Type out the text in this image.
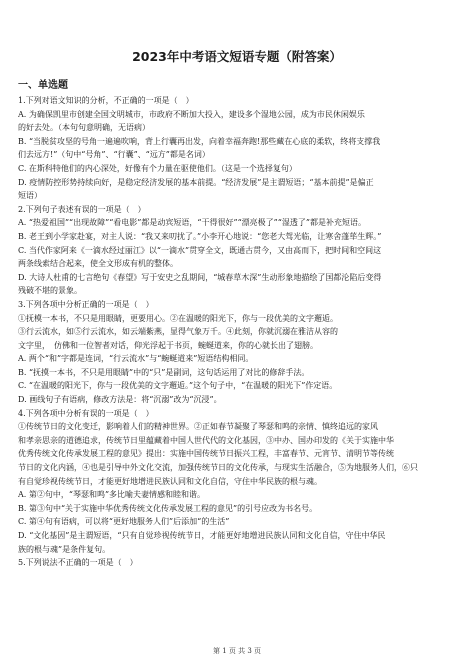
2023年中考语文短语专题（附答案）
一、单选题
1.下列对语文知识的分析，不正确的一项是（　）
A. 为确保凯里市创建全国文明城市，市政府不断加大投入，建设多个湿地公园，成为市民休闲娱乐
的好去处。（本句句意明确，无语病）
B. “当脱贫攻坚的号角一遍遍吹响，背上行囊再出发，向着幸福奔跑!那些藏在心底的柔软，终将支撑我
们去远方!”（句中“号角”、“行囊”、“远方”都是名词）
C. 在斯科特他们的内心深处，好像有个力量在驱使他们。（这是一个选择复句）
D. 疫情防控形势持续向好，是稳定经济发展的基本前提。“经济发展”是主谓短语；“基本前提”是偏正
短语）
2.下列句子表述有误的一项是（　）
A. “热爱祖国”“出现故障”“看电影”都是动宾短语，“干得很好”“漂亮极了”“湿透了”都是补充短语。
B. 老王到小学家赴宴，对主人说：“我又来叨扰了。”小李开心地说：“您老大驾光临，让寒舍蓬荜生辉。”
C. 当代作家阿来《一滴水经过丽江》以“一滴水”贯穿全文，既通古贯今，又由高而下，把时间和空间这
两条线索结合起来，使全文形成有机的整体。
D. 大诗人杜甫的七言绝句《春望》写于安史之乱期间，“城春草木深”生动形象地描绘了国都沦陷后变得
残破不堪的景象。
3.下列各项中分析正确的一项是（　）
①抚模一本书，不只是用眼睛，更要用心。②在温暖的阳光下，你与一段优美的文字邂逅。
③行云流水，如⑤行云流水，如云端紫燕，显得气象万千。④此刻，你就沉溺在雅洁从容的
文字里，　仿佛和一位智者对话，仰光浮起于书页，蜿蜒道来，你的心就长出了翅膀。
A. 两个“和”字都是连词，“行云流水”与“蜿蜒道来”短语结构相同。
B. “抚摸一本书，不只是用眼睛”中的“只”是副词，这句话运用了对比的修辞手法。
C. “在温暖的阳光下，你与一段优美的文字邂逅。”这个句子中，“在温暖的阳光下”作定语。
D. 画线句子有语病，修改方法是：将“沉溺”改为“沉浸”。
4.下列各项中分析有误的一项是（　）
①传统节日的文化变迁，影响着人们的精神世界。②正如春节凝聚了琴瑟和鸣的亲情、慎终追远的家风
和孝亲思亲的道德追求，传统节日里蕴藏着中国人世代代的文化基因，③中办、国办印发的《关于实施中华
优秀传统文化传承发展工程的意见》提出：实施中国传统节日振兴工程，丰富春节、元宵节、清明节等传统
节日的文化内涵，④也是引导中外文化交流，加强传统节日的文化传承，与现实生活融合，⑤为地服务人们，⑥只
有自觉珍视传统节日，才能更好地增进民族认同和文化自信，守住中华民族的根与魂。
A. 第②句中，“琴瑟和鸣”多比喻夫妻情感和睦和谐。
B. 第③句中“关于实施中华优秀传统文化传承发展工程的意见”的引号应改为书名号。
C. 第④句有语病，可以将“更好地服务人们”后添加“的生活”
D. “文化基因”是主谓短语，“只有自觉珍视传统节日，才能更好地增进民族认同和文化自信，守住中华民
族的根与魂”是条件复句。
5.下列说法不正确的一项是（　）
第 1 页 共 3 页
